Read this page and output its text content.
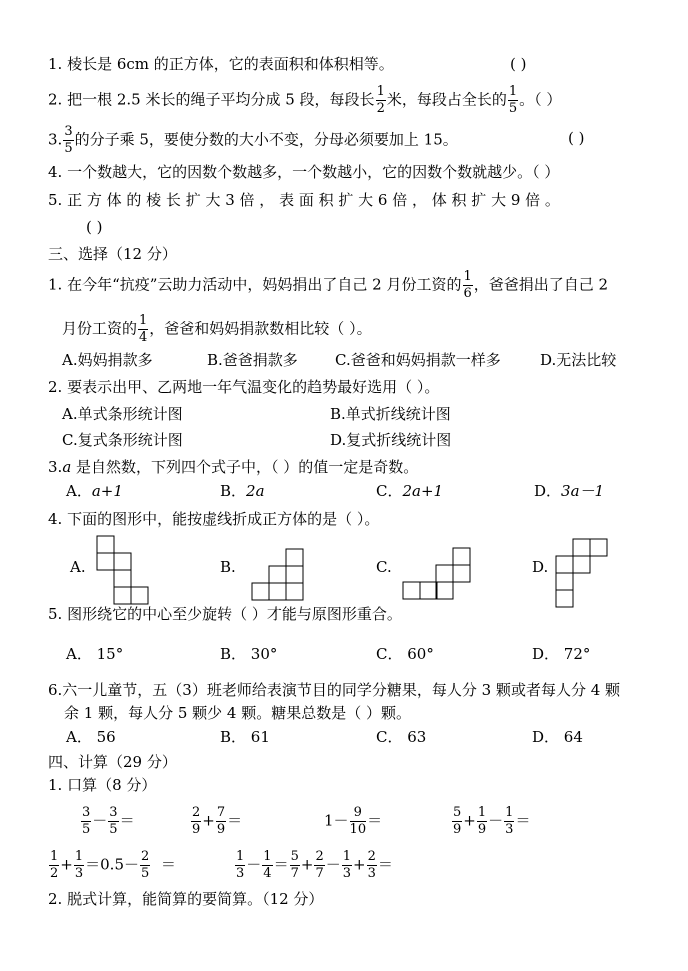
1. 棱长是 6cm 的正方体，它的表面积和体积相等。	( )
2. 把一根 2.5 米长的绳子平均分成 5 段，每段长 $\frac{1}{2}$ 米，每段占全长的 $\frac{1}{5}$ 。（ ）
3. $\frac{3}{5}$ 的分子乘 5，要使分数的大小不变，分母必须要加上 15。	( )
4. 一个数越大，它的因数个数越多，一个数越小，它的因数个数就越少。（ ）
5. 正 方 体 的 棱 长 扩 大 3 倍 ， 表 面 积 扩 大 6 倍 ， 体 积 扩 大 9 倍 。
( )
三、选择（12 分）
1. 在今年“抗疫”云助力活动中，妈妈捐出了自己 2 月份工资的 $\frac{1}{6}$ ，爸爸捐出了自己 2
月份工资的 $\frac{1}{4}$ ，爸爸和妈妈捐款数相比较（ ）。
A.妈妈捐款多	B.爸爸捐款多 C.爸爸和妈妈捐款一样多	D.无法比较
2. 要表示出甲、乙两地一年气温变化的趋势最好选用（ ）。
A.单式条形统计图	B.单式折线统计图
C.复式条形统计图	D.复式折线统计图
3.a 是自然数，下列四个式子中，（ ）的值一定是奇数。
A．a+1	B．2a	C．2a+1	D．3a－1
4. 下面的图形中，能按虚线折成正方体的是（ ）。
A.	B.	C.	D.
5. 图形绕它的中心至少旋转（ ）才能与原图形重合。
A． 15°	B． 30°	C． 60°	D． 72°
6.六一儿童节，五（3）班老师给表演节目的同学分糖果，每人分 3 颗或者每人分 4 颗
余 1 颗，每人分 5 颗少 4 颗。糖果总数是（ ）颗。
A． 56	B． 61	C． 63	D． 64
四、计算（29 分）
1. 口算（8 分）
$\frac{3}{5} - \frac{3}{5}$ ＝	$\frac{2}{9} + \frac{7}{9}$ ＝	$1- \frac{9}{10}$ ＝	$\frac{5}{9} + \frac{1}{9} - \frac{1}{3}$ ＝
$\frac{1}{2} + \frac{1}{3} =0.5- \frac{2}{5}$ ＝	$\frac{1}{3} - \frac{1}{4} = \frac{5}{7} + \frac{2}{7} - \frac{1}{3} + \frac{2}{3}$ ＝
2. 脱式计算，能简算的要简算。（12 分）
